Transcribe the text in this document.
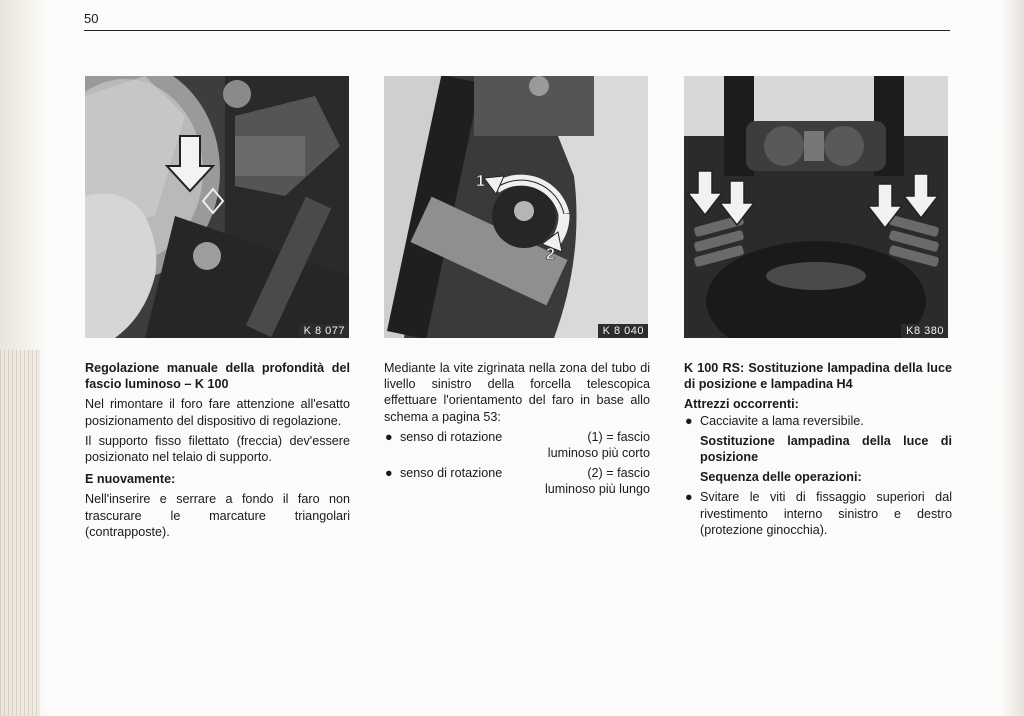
50
K 8 077
1
2
K 8 040	K8 380
Regolazione manuale della profondità del fascio luminoso – K 100

Nel rimontare il foro fare attenzione all'esatto posizionamento del dispositivo di regolazione.

Il supporto fisso filettato (freccia) dev'essere posizionato nel telaio di supporto.

E nuovamente:

Nell'inserire e serrare a fondo il faro non trascurare le marcature triangolari (contrapposte).

Mediante la vite zigrinata nella zona del tubo di livello sinistro della forcella telescopica effettuare l'orientamento del faro in base allo schema a pagina 53:

● senso di rotazione	(1) = fascio

luminoso più corto

● senso di rotazione	(2) = fascio

luminoso più lungo

K 100 RS: Sostituzione lampadina della luce di posizione e lampadina H4
Attrezzi occorrenti:
● Cacciavite a lama reversibile.
Sostituzione lampadina della luce di posizione
Sequenza delle operazioni:
● Svitare le viti di fissaggio superiori dal rivestimento interno sinistro e destro (protezione ginocchia).
